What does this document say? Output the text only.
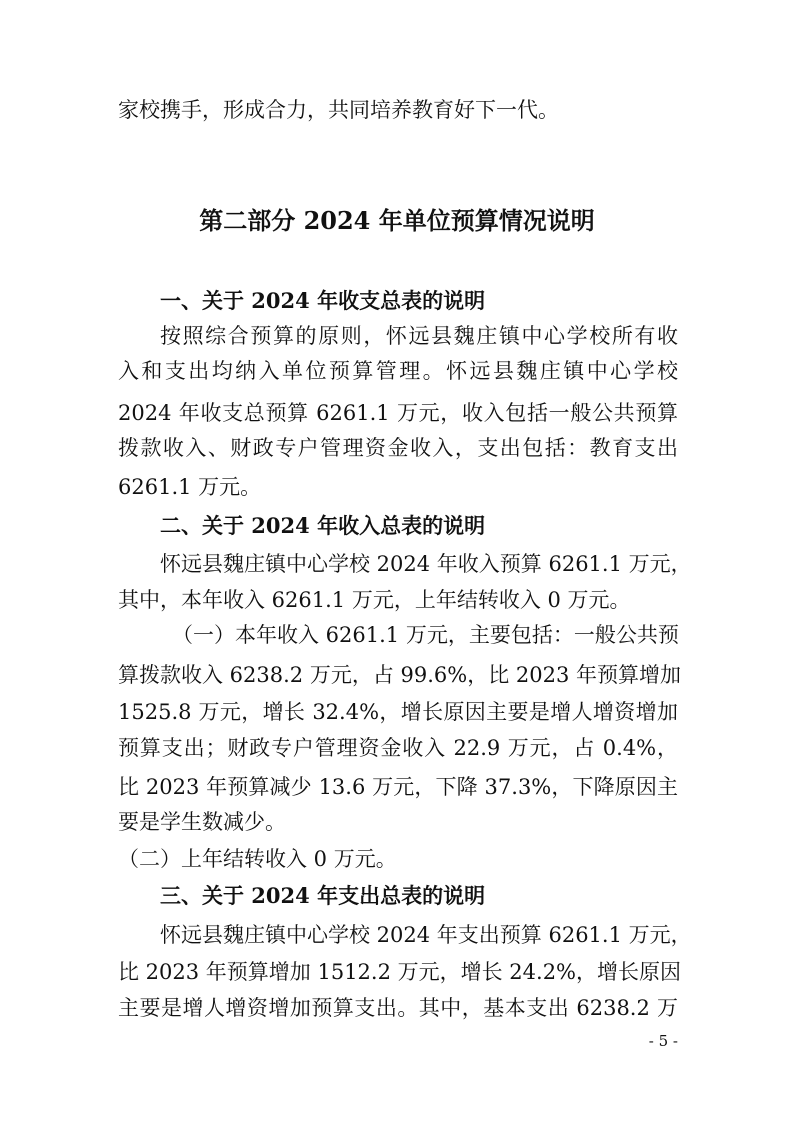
家校携手，形成合力，共同培养教育好下一代。
第二部分 2024 年单位预算情况说明
一、关于 2024 年收支总表的说明
按照综合预算的原则，怀远县魏庄镇中心学校所有收
入和支出均纳入单位预算管理。怀远县魏庄镇中心学校
2024 年收支总预算 6261.1 万元，收入包括一般公共预算
拨款收入、财政专户管理资金收入，支出包括：教育支出
6261.1 万元。
二、关于 2024 年收入总表的说明
怀远县魏庄镇中心学校 2024 年收入预算 6261.1 万元，
其中，本年收入 6261.1 万元，上年结转收入 0 万元。
（一）本年收入 6261.1 万元，主要包括：一般公共预
算拨款收入 6238.2 万元，占 99.6%，比 2023 年预算增加
1525.8 万元，增长 32.4%，增长原因主要是增人增资增加
预算支出；财政专户管理资金收入 22.9 万元，占 0.4%，
比 2023 年预算减少 13.6 万元，下降 37.3%，下降原因主
要是学生数减少。
（二）上年结转收入 0 万元。
三、关于 2024 年支出总表的说明
怀远县魏庄镇中心学校 2024 年支出预算 6261.1 万元，
比 2023 年预算增加 1512.2 万元，增长 24.2%，增长原因
主要是增人增资增加预算支出。其中，基本支出 6238.2 万
- 5 -
